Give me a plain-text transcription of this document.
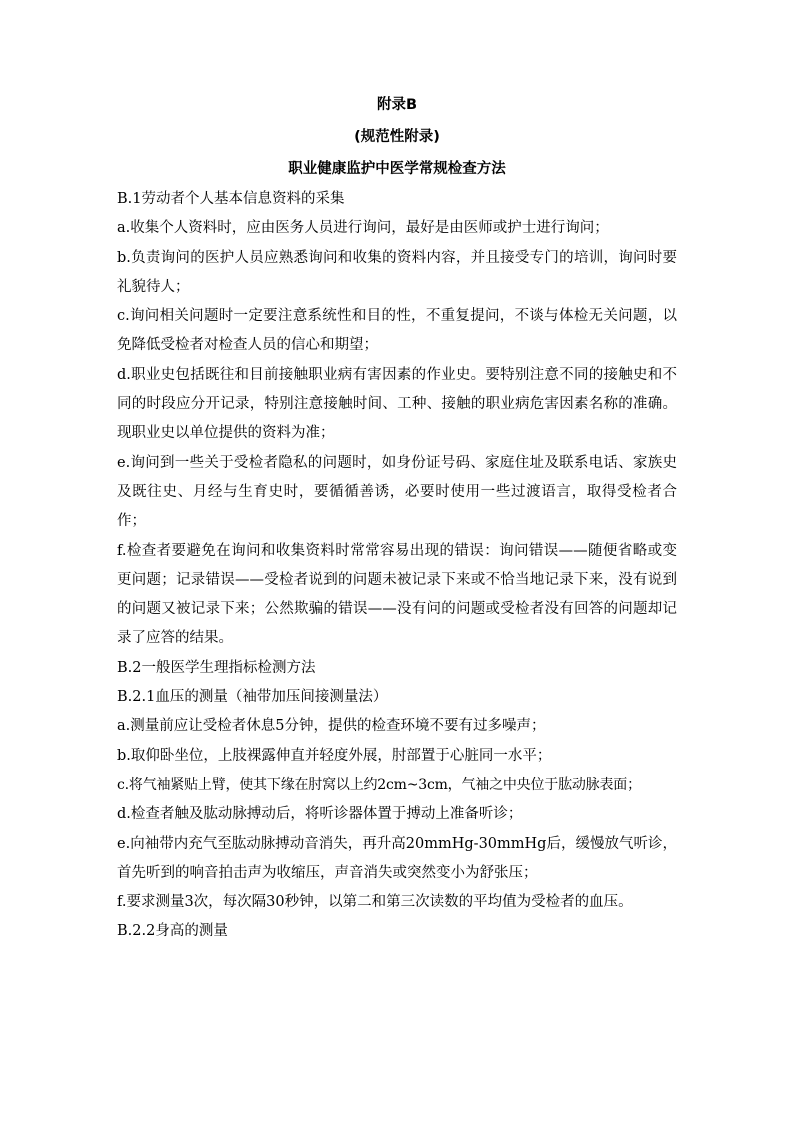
附录B
(规范性附录)
职业健康监护中医学常规检查方法

B.1劳动者个人基本信息资料的采集

a.收集个人资料时，应由医务人员进行询问，最好是由医师或护士进行询问；

b.负责询问的医护人员应熟悉询问和收集的资料内容，并且接受专门的培训，询问时要礼貌待人；

c.询问相关问题时一定要注意系统性和目的性，不重复提问，不谈与体检无关问题，以免降低受检者对检查人员的信心和期望；

d.职业史包括既往和目前接触职业病有害因素的作业史。要特别注意不同的接触史和不同的时段应分开记录，特别注意接触时间、工种、接触的职业病危害因素名称的准确。现职业史以单位提供的资料为准；

e.询问到一些关于受检者隐私的问题时，如身份证号码、家庭住址及联系电话、家族史及既往史、月经与生育史时，要循循善诱，必要时使用一些过渡语言，取得受检者合作；

f.检查者要避免在询问和收集资料时常常容易出现的错误：询问错误——随便省略或变更问题；记录错误——受检者说到的问题未被记录下来或不恰当地记录下来，没有说到的问题又被记录下来；公然欺骗的错误——没有问的问题或受检者没有回答的问题却记录了应答的结果。

B.2一般医学生理指标检测方法

B.2.1血压的测量（袖带加压间接测量法）

a.测量前应让受检者休息5分钟，提供的检查环境不要有过多噪声；

b.取仰卧坐位，上肢裸露伸直并轻度外展，肘部置于心脏同一水平；

c.将气袖紧贴上臂，使其下缘在肘窝以上约2cm~3cm，气袖之中央位于肱动脉表面；

d.检查者触及肱动脉搏动后，将听诊器体置于搏动上准备听诊；

e.向袖带内充气至肱动脉搏动音消失，再升高20mmHg-30mmHg后，缓慢放气听诊，首先听到的响音拍击声为收缩压，声音消失或突然变小为舒张压；

f.要求测量3次，每次隔30秒钟，以第二和第三次读数的平均值为受检者的血压。

B.2.2身高的测量
